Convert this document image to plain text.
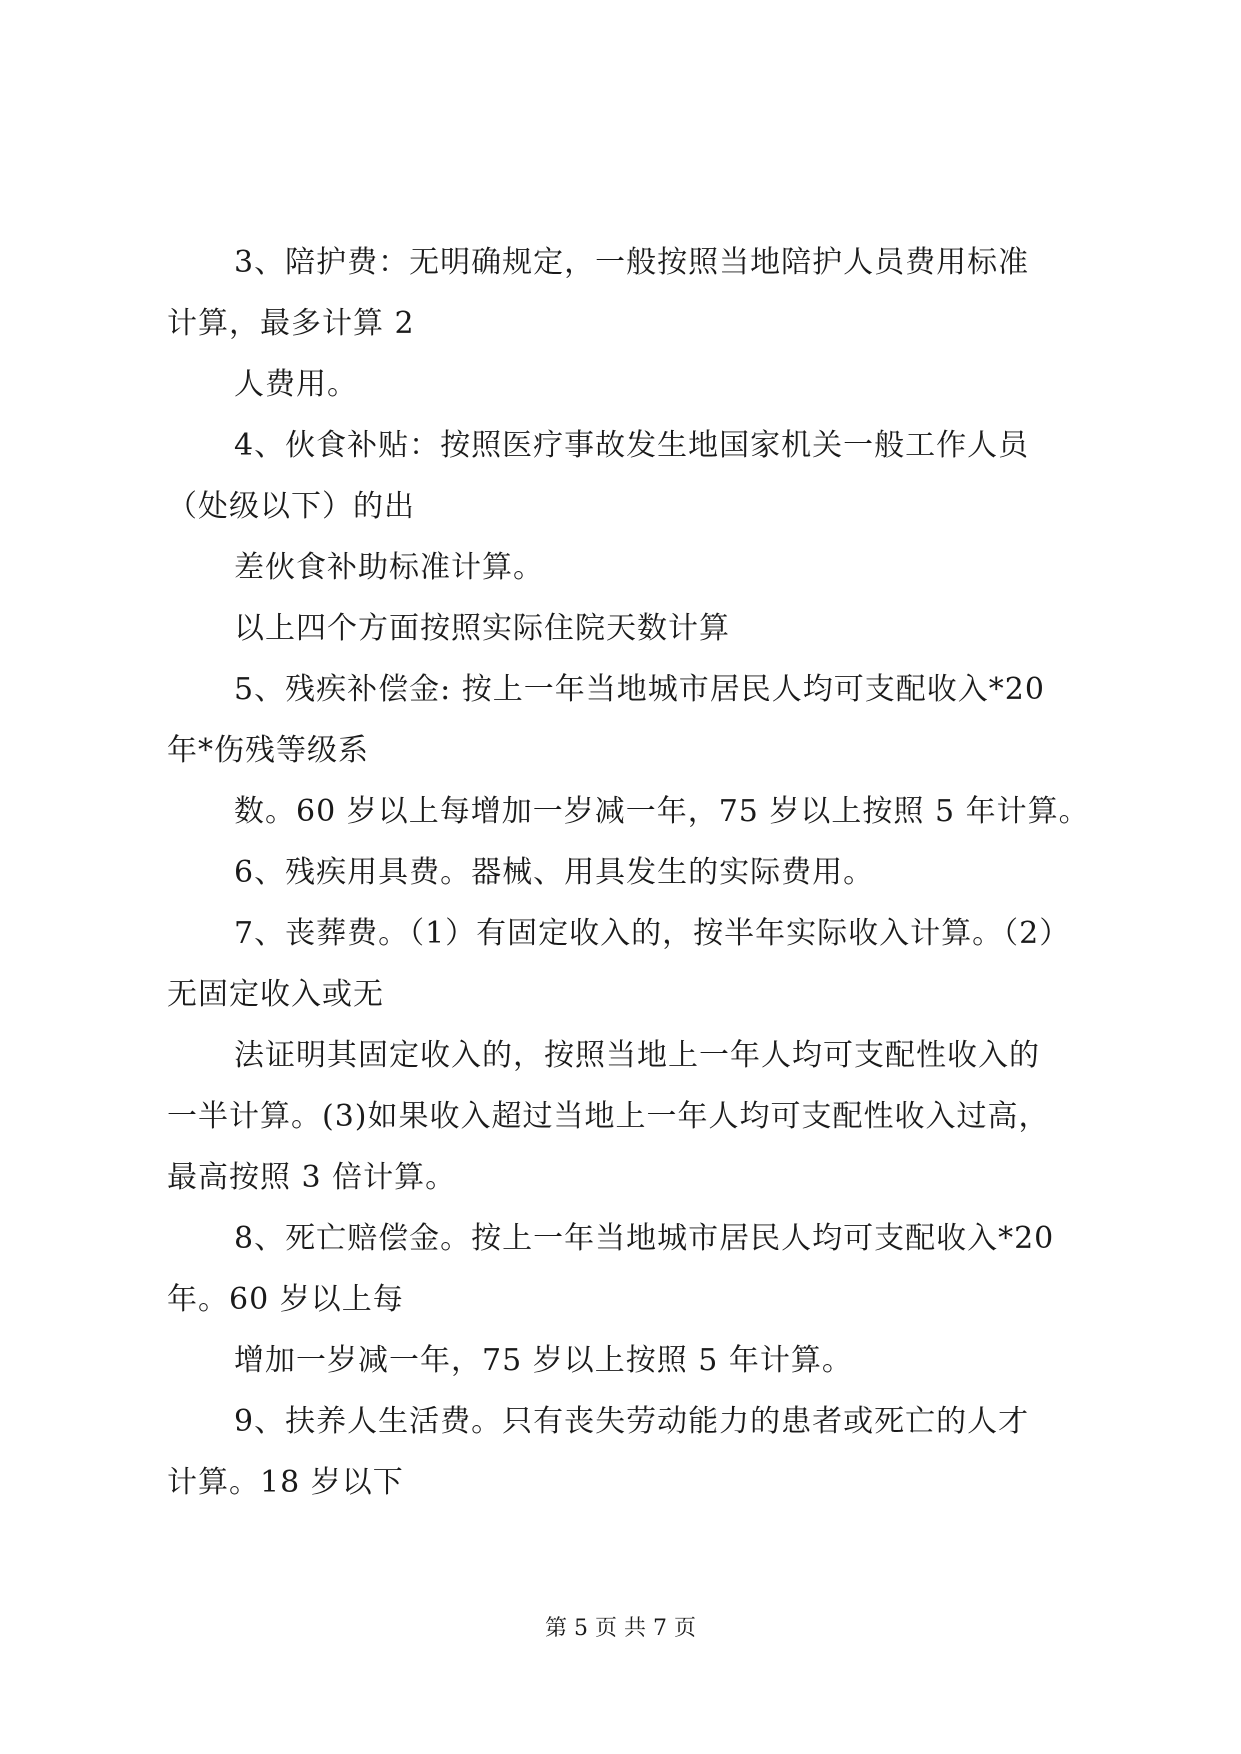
3、陪护费：无明确规定，一般按照当地陪护人员费用标准
计算，最多计算 2
人费用。
4、伙食补贴：按照医疗事故发生地国家机关一般工作人员
（处级以下）的出
差伙食补助标准计算。
以上四个方面按照实际住院天数计算
5、残疾补偿金: 按上一年当地城市居民人均可支配收入*20
年*伤残等级系
数。60 岁以上每增加一岁减一年，75 岁以上按照 5 年计算。
6、残疾用具费。器械、用具发生的实际费用。
7、丧葬费。（1）有固定收入的，按半年实际收入计算。（2）
无固定收入或无
法证明其固定收入的，按照当地上一年人均可支配性收入的
一半计算。(3)如果收入超过当地上一年人均可支配性收入过高，
最高按照 3 倍计算。
8、死亡赔偿金。按上一年当地城市居民人均可支配收入*20
年。60 岁以上每
增加一岁减一年，75 岁以上按照 5 年计算。
9、扶养人生活费。只有丧失劳动能力的患者或死亡的人才
计算。18 岁以下
第 5 页 共 7 页
